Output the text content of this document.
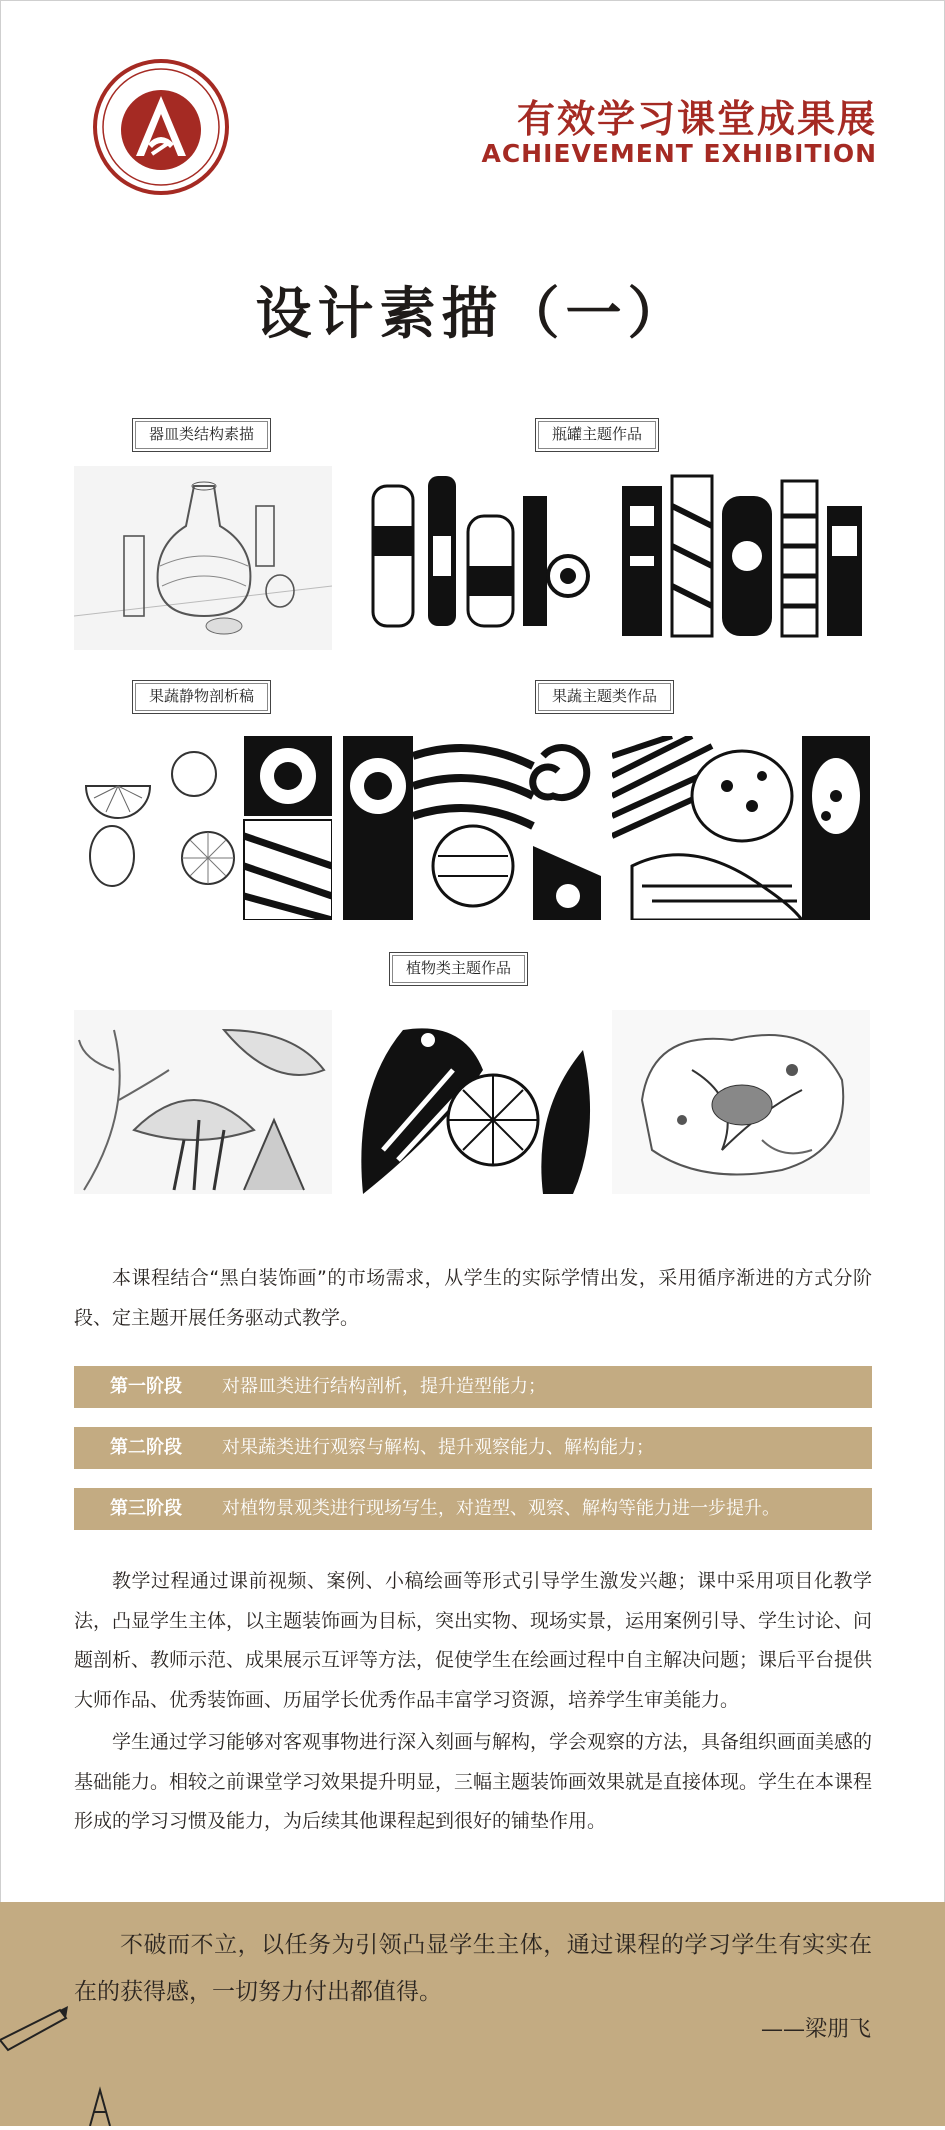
有效学习课堂成果展
ACHIEVEMENT EXHIBITION
设计素描（一）
器皿类结构素描	瓶罐主题作品
果蔬静物剖析稿	果蔬主题类作品
植物类主题作品

本课程结合“黑白装饰画”的市场需求，从学生的实际学情出发，采用循序渐进的方式分阶段、定主题开展任务驱动式教学。

第一阶段 对器皿类进行结构剖析，提升造型能力；
第二阶段 对果蔬类进行观察与解构、提升观察能力、解构能力；
第三阶段 对植物景观类进行现场写生，对造型、观察、解构等能力进一步提升。

教学过程通过课前视频、案例、小稿绘画等形式引导学生激发兴趣；课中采用项目化教学法，凸显学生主体，以主题装饰画为目标，突出实物、现场实景，运用案例引导、学生讨论、问题剖析、教师示范、成果展示互评等方法，促使学生在绘画过程中自主解决问题；课后平台提供大师作品、优秀装饰画、历届学长优秀作品丰富学习资源，培养学生审美能力。

学生通过学习能够对客观事物进行深入刻画与解构，学会观察的方法，具备组织画面美感的基础能力。相较之前课堂学习效果提升明显，三幅主题装饰画效果就是直接体现。学生在本课程形成的学习习惯及能力，为后续其他课程起到很好的铺垫作用。

不破而不立，以任务为引领凸显学生主体，通过课程的学习学生有实实在在的获得感，一切努力付出都值得。

——梁朋飞
